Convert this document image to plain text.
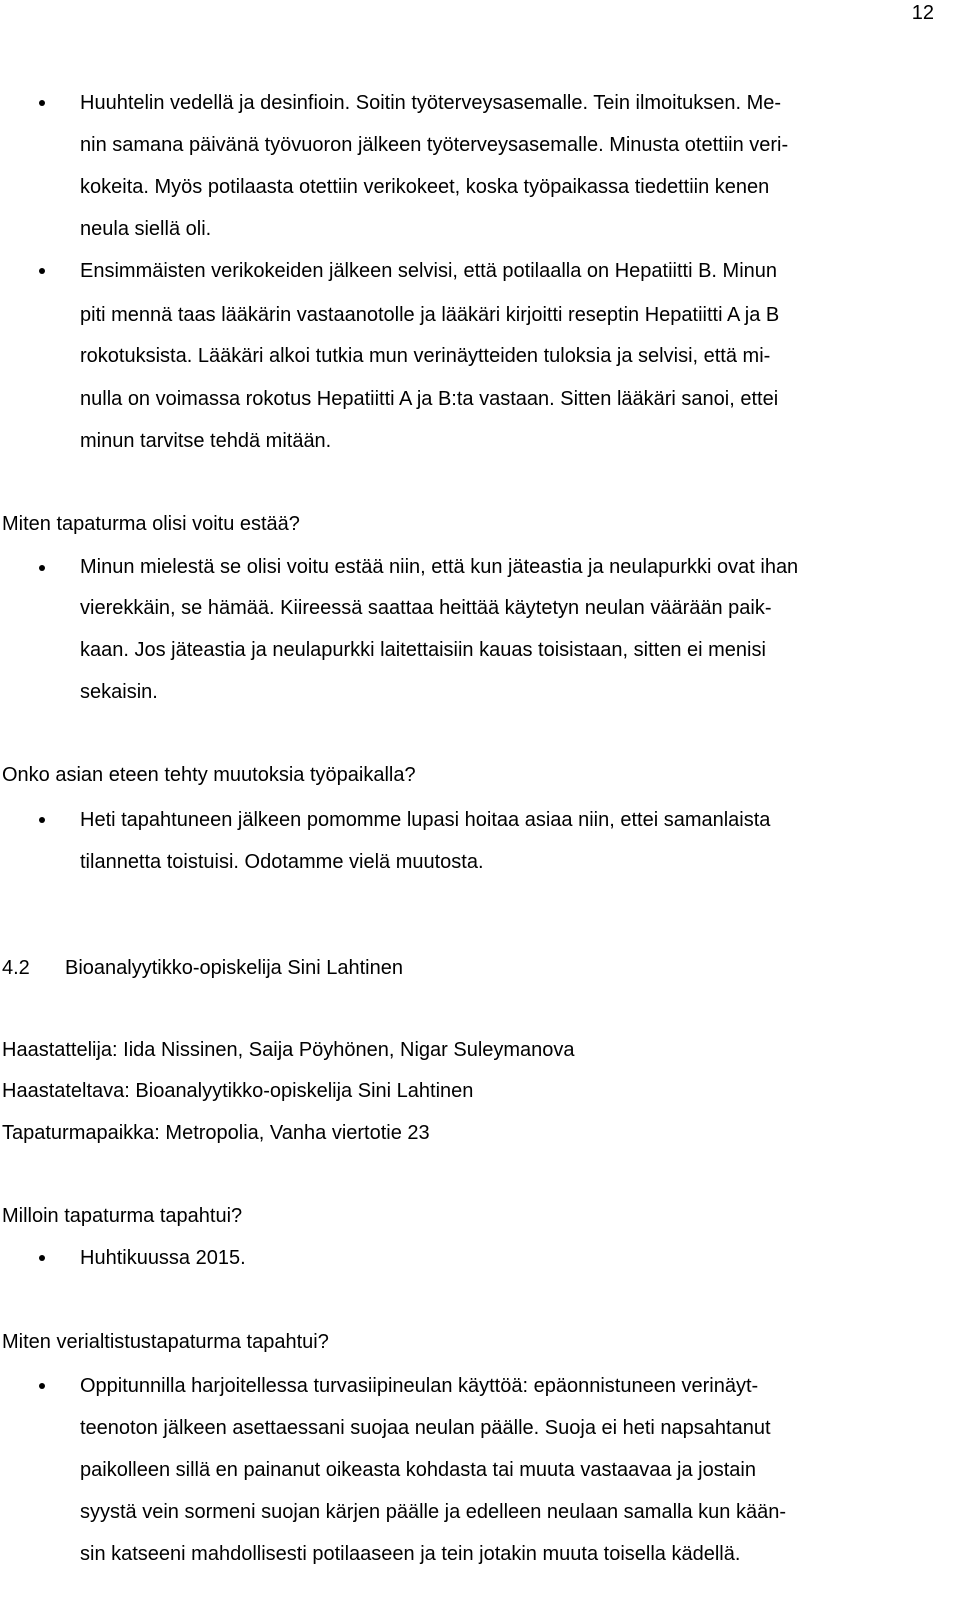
12
Huuhtelin vedellä ja desinfioin. Soitin työterveysasemalle. Tein ilmoituksen. Me-
nin samana päivänä työvuoron jälkeen työterveysasemalle. Minusta otettiin veri-
kokeita. Myös potilaasta otettiin verikokeet, koska työpaikassa tiedettiin kenen
neula siellä oli.
Ensimmäisten verikokeiden jälkeen selvisi, että potilaalla on Hepatiitti B. Minun
piti mennä taas lääkärin vastaanotolle ja lääkäri kirjoitti reseptin Hepatiitti A ja B
rokotuksista. Lääkäri alkoi tutkia mun verinäytteiden tuloksia ja selvisi, että mi-
nulla on voimassa rokotus Hepatiitti A ja B:ta vastaan. Sitten lääkäri sanoi, ettei
minun tarvitse tehdä mitään.
Miten tapaturma olisi voitu estää?
Minun mielestä se olisi voitu estää niin, että kun jäteastia ja neulapurkki ovat ihan
vierekkäin, se hämää. Kiireessä saattaa heittää käytetyn neulan väärään paik-
kaan. Jos jäteastia ja neulapurkki laitettaisiin kauas toisistaan, sitten ei menisi
sekaisin.
Onko asian eteen tehty muutoksia työpaikalla?
Heti tapahtuneen jälkeen pomomme lupasi hoitaa asiaa niin, ettei samanlaista
tilannetta toistuisi. Odotamme vielä muutosta.
4.2 Bioanalyytikko-opiskelija Sini Lahtinen
Haastattelija: Iida Nissinen, Saija Pöyhönen, Nigar Suleymanova
Haastateltava: Bioanalyytikko-opiskelija Sini Lahtinen
Tapaturmapaikka: Metropolia, Vanha viertotie 23
Milloin tapaturma tapahtui?
Huhtikuussa 2015.
Miten verialtistustapaturma tapahtui?
Oppitunnilla harjoitellessa turvasiipineulan käyttöä: epäonnistuneen verinäyt-
teenoton jälkeen asettaessani suojaa neulan päälle. Suoja ei heti napsahtanut
paikolleen sillä en painanut oikeasta kohdasta tai muuta vastaavaa ja jostain
syystä vein sormeni suojan kärjen päälle ja edelleen neulaan samalla kun kään-
sin katseeni mahdollisesti potilaaseen ja tein jotakin muuta toisella kädellä.
